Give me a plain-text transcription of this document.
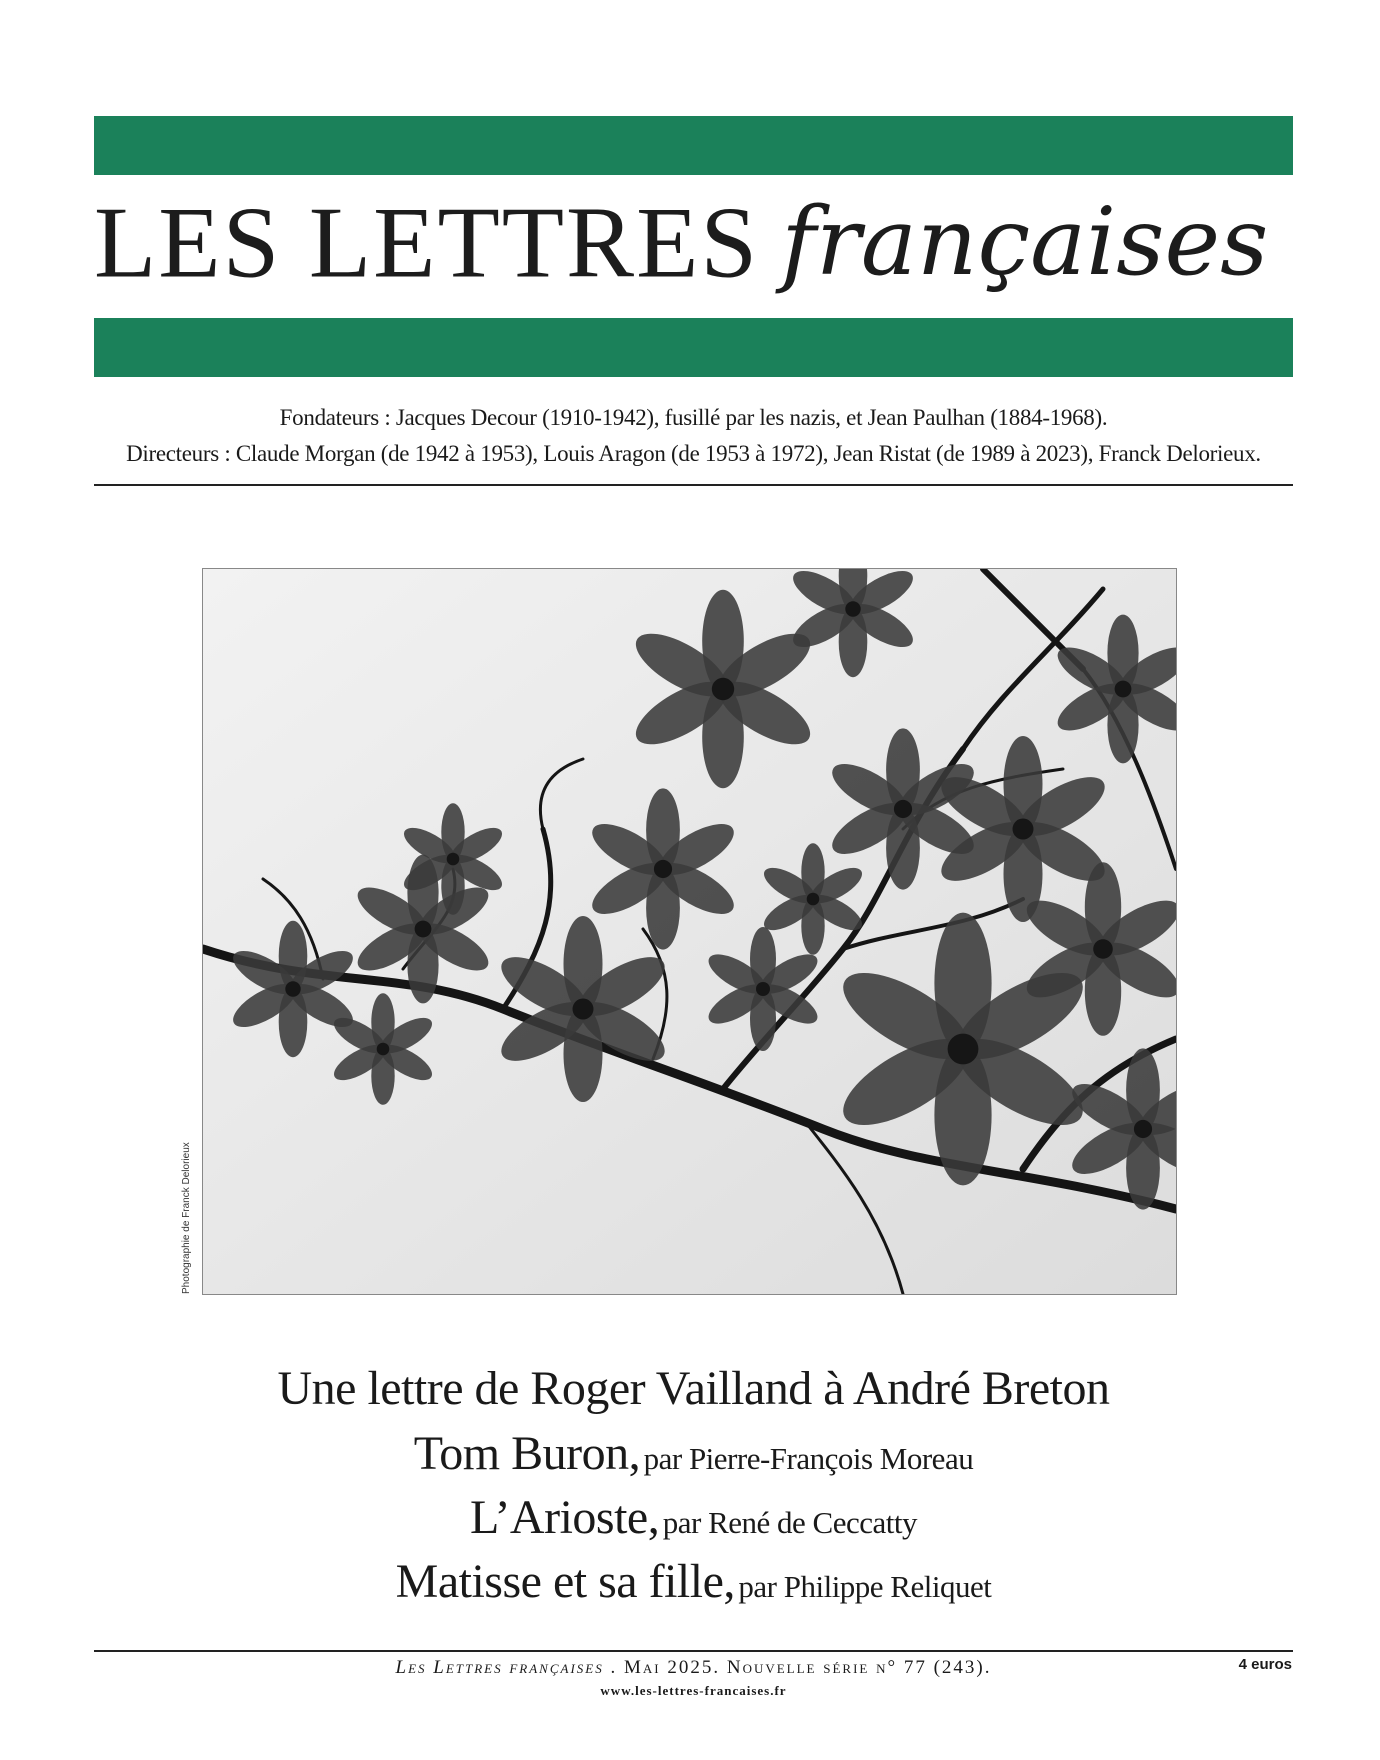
LES LETTRES françaises
Fondateurs : Jacques Decour (1910-1942), fusillé par les nazis, et Jean Paulhan (1884-1968).
Directeurs : Claude Morgan (de 1942 à 1953), Louis Aragon (de 1953 à 1972), Jean Ristat (de 1989 à 2023), Franck Delorieux.
Photographie de Franck Delorieux
Une lettre de Roger Vailland à André Breton
Tom Buron, par Pierre-François Moreau
L’Arioste, par René de Ceccatty
Matisse et sa fille, par Philippe Reliquet
Les Lettres françaises . Mai 2025. Nouvelle série n° 77 (243).
www.les-lettres-francaises.fr
4 euros
